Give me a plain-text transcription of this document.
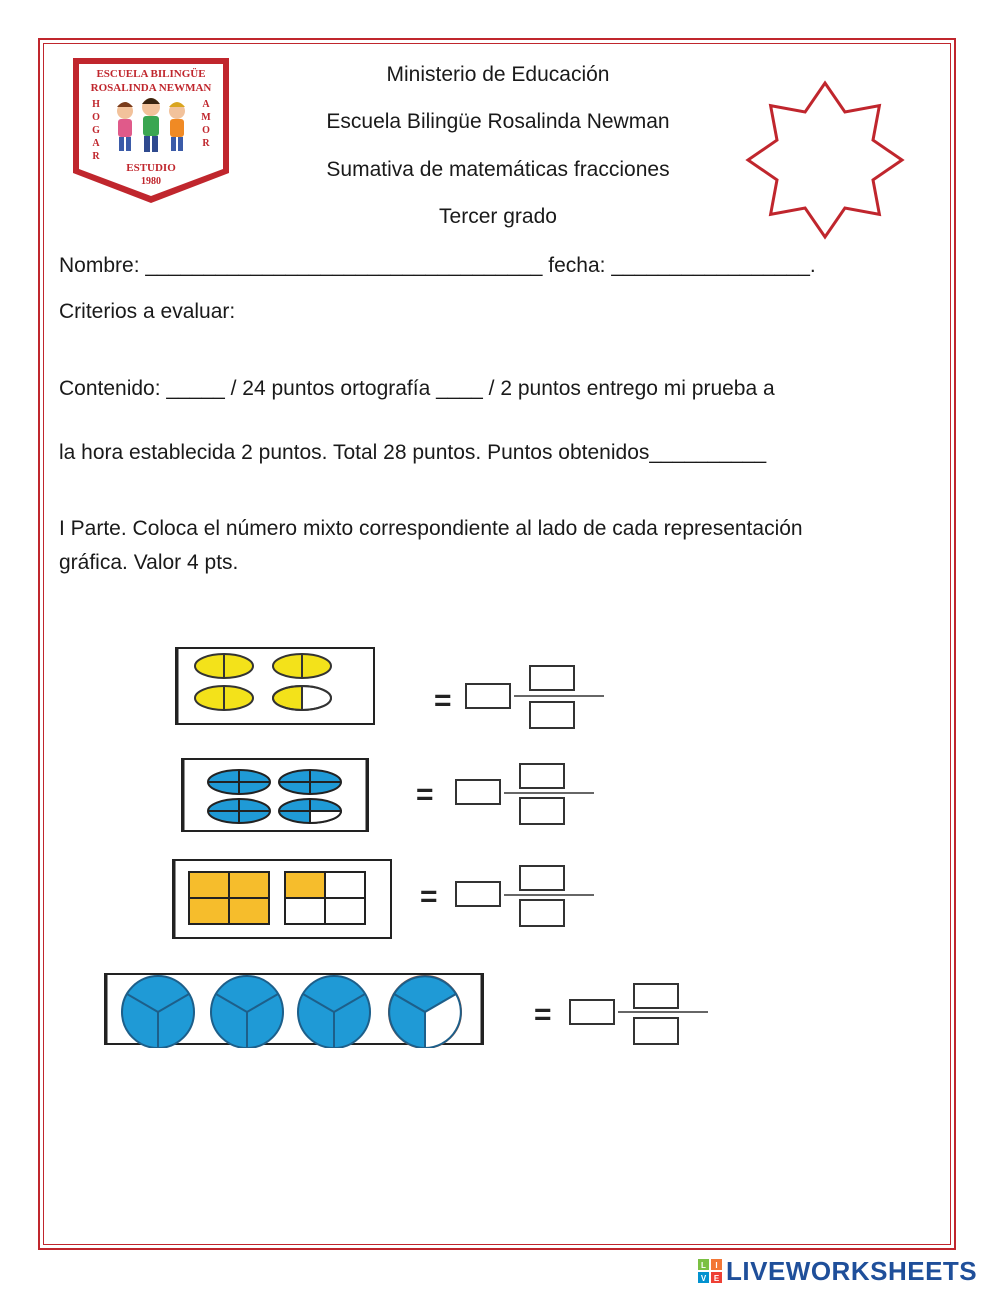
ESCUELA BILINGÜE
ROSALINDA NEWMAN
H
O
G
A
R
A
M
O
R
ESTUDIO
1980
Ministerio de Educación
Escuela Bilingüe Rosalinda Newman
Sumativa de matemáticas fracciones
Tercer grado
Nombre: __________________________________ fecha: _________________.
Criterios a evaluar:
Contenido: _____ / 24 puntos ortografía ____ / 2 puntos entrego mi prueba a
la hora establecida 2 puntos. Total 28 puntos. Puntos obtenidos__________
I Parte. Coloca el número mixto correspondiente al lado de cada representación
gráfica. Valor 4 pts.
=
=
=
=
L I
V E LIVEWORKSHEETS
